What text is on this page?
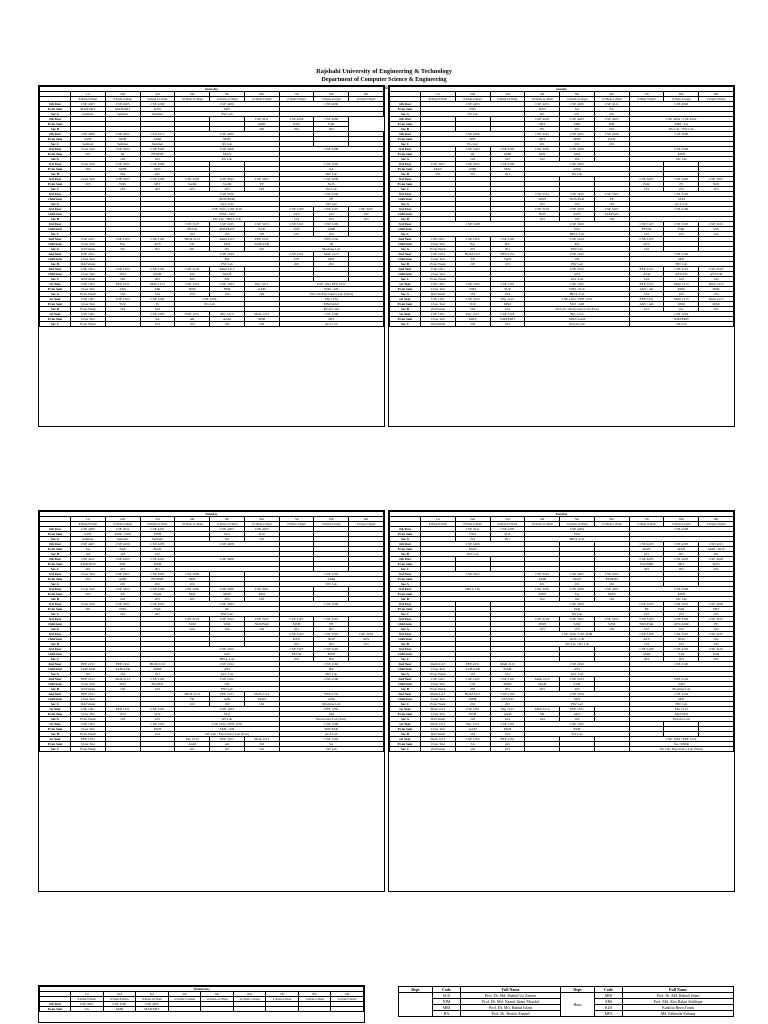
Rajshahi University of Engineering & Technology
Department of Computer Science & Engineering
Saturday									
	1st	2nd	3rd	4th	5th	6th	7th	8th	9th
	8:00am-8:50am	8:50am-9:40am	9:40am-10:30am	10:50am-11:40am	11:40am-12:30pm	12:30pm-1:20pm	2:30pm-3:20pm	3:20pm-4:10pm	4:10pm-5:00pm
4th Year	CSE 4205	CSE 4205	CSE 4209	CSE 4206			CSE 4000		
Even Sem	MAN/MIT	MAN/MIT	KZN	MIT					
Sec A	Seminar	Seminar	Seminar	NW Lab					
4th Year						CSE 4211	CSE 4209	CSE 4209	
Even Sem						AMR	FAR	FAR	
Sec B						202	202	202	
4th Year	CSE 4209	CSE 4201	CSE 4211	CSE 4202					
Even Sem	KZN	MSH	AMR	MSH					
Sec C	Seminar	Seminar	Seminar	OS Lab					
3rd Year	Class Test	CSE 3203	CSE 3205	CSE 3208			CSE 3208		
Even Sem	201	IR	FP/MSH	MAN					
Sec A		102	102	PG Lab					
3rd Year	Class Test	CSE 3205	CSE 3209				CSE 3204		
Even Sem	202	MSH	MZI				SA		
Sec B		202	202				HW Lab		
3rd Year	Class Test	CSE 3207	CSE 3209	CSE 3203	CSE 3203	CSE 3205	CSE 3206		
Even Sem	203	NOS	MIT	SA/IR	SA/IR	FP	NOS		
Sec C		203	203	203	203	203	PG Lab		
3rd Year				CSE 3106			CSE 3100		
Odd Sem				(NOS/FAR)			FP		
Sec A				ACL Lab			SW Lab		
3rd Year				CSE 3102 / CSE 3102			CSE 3109	CSE 3107	CSE 3107
Odd Sem				SZM / SaN			AYS	UD	UD
Sec B				SW Lab / HPCL Lab			103	103	103
3rd Year				CSE 3107	CSE 3105	CSE 3103	CSE 3101	CSE 3109	
Odd Sem				FP/UD	MSH/KZN	FAR	SaN	AMR	
Sec C				102	102	102	102	102	
2nd Year	CSE 2101	CSE 2103	CSE 2103	HUM 2113	Math 2113	EEE 2151	EEE 2152		
Odd Sem	Class Test	BA	AYS	TK	MZI	SAH/AZR	IR		
Sec A	Odd Week	201	201	201	201	201	Machine Lab		
2nd Year	CSE 2101			CSE 2104			CSE 2101	Math 2113	
Odd Sem	Class Test			BA			UD	MZI	
Sec B	Odd Week			HW Lab			202	202	
2nd Year	CSE 2101	CSE 2103	CSE 2103	CSE 2103	Math 2113				
Odd Sem	Class Test	MZI	MAH	UD	MAH				
Sec C	Odd Week	202	202	202	202				
1st Year	CSE 1201	EEE 1251	Math 1213	CSE 1201	CSE 1203	Phy 1213	CSE 1202 EEE 1252		
Even Sem	Class Test	AKS	MR	NIM	NIM	AAM	NIM / AM		
Sec A	Even Week	104	104	104	104	104	SW Lab/Electronics Lab (West)		
1st Year	CSE 1201	CSE 1203	CSE 1202	CSE 1204			Phy 1214		
Even Sem	Class Test	SUZ	IS	PG Lab			MNZ/AKZ		
Sec B	Even Week	104	104				Physics lab		
1st Year	CSE 1201		CSE 1203	EEE 1251	Phy 1213	Math 1213	CSE 1208		
Even Sem	Class Test		SA	AK	AAM	MSR	MIT		
Sec C	Even Week		103	103	103	103	ACL Lab		
Sunday									
	1st	2nd	3rd	4th	5th	6th	7th	8th	9th
	8:00am-8:50am	8:50am-9:40am	9:40am-10:30am	10:50am-11:40am	11:40am-12:30pm	12:30pm-1:20pm	2:30pm-3:20pm	3:20pm-4:10pm	4:10pm-5:00pm
4th Year	CSE 4203			CSE 4201	CSE 4205	CSE 4211	CSE 4000		
Even Sem	NOS			KZN	SA	SA			
Sec A	OS Lab			201	201	201			
4th Year				CSE 4203	CSE 4203	CSE 4205	CSE 4204 / CSE 4202		
Even Sem				MIT	MRI	MIT	MRI / SA		
Sec B				201	201	201	PG Lab / NW Lab		
4th Year	CSE 4206			CSE 4201	CSE 4201	CSE 4209	CSE 4000		
Even Sem	MIT			MIT	MSH	KZN			
Sec C	PG Lab			201	201	201			
3rd Year		CSE 3203	CSE 3203	CSE 3205	CSE 3209		CSE 3206		
Even Sem		IR	AMR	MZI	MZI		MSH		
Sec A		102	102	102	102		SW Lab		
3rd Year	CSE 3207	CSE 3203	CSE 3209	CSE 3202					
Even Sem	MAN	AMR	MZI	AMR					
Sec B	201	201	201	PG Lab					
3rd Year							CSE 3203	CSE 3205	CSE 3207
Even Sem							FAR	FP	NOS
Sec C							103	103	103
3rd Year				CSE 3101	CSE 3105	CSE 3107	CSE 3102		
Odd Sem				MSH	NOS/FAR	FP	SZM		
Sec A				103	103	103	ACL Lab		
3rd Year				CSE 3103	CSE 3103	CSE 3107	CSE 3100		
Odd Sem				NOS	KZN	SZM/SaN			
Sec B				103	103	103			
3rd Year	CSE 3108			CSE 3102			CSE 3107	CSE 3105	CSE 3101
Odd Sem				SaN			FP/UD	FAR	SaN
Sec C				HPCL Lab			102	102	102
2nd Year	CSE 2101	CSE 2103	CSE 2103	CSE 2104			CSE 2105		
Odd Sem	Class Test	BA	BA	BA			AYS		
Sec A	Even Week	201	201	HW Lab			102		
2nd Year	CSE 2103	HUM 2113	EEE 2151	CSE 2102			CSE 2100		
Odd Sem	Class Test	TK	SAH	UD			MZI		
Sec B	Even Week	103	103	HW Lab			HW Lab		
2nd Year	CSE 2101			CSE 2102			EEE 2151	CSE 2101	CSE 2103
Odd Sem	Class Test			AYS			AZR	AYS/UD	AYS/UD
Sec C	Even Week			ACL Lab			104	104	104
1st Year	CSE 1201	CSE 1203	CSE 1201	CSE 1202			EEE 1251	Math 1213	Math 1213
Even Sem	Class Test	NIM	SUZ	NIM / SUZ			AKS / AK	MSR	MSR
Sec A	Odd Week	104	104	HPCL Lab			104	104	104
1st Year	CSE 1201	CSE 1203	Phy 1213	CSE 1204 / EEE 1252			EEE 1251	Math 1213	Math 1213
Even Sem	Class Test	SUZ	MNZ	SUZ / AM			AKS / AK	MSR	MSR
Sec B	Odd Week	104	104	OS Lab / Electronics Lab (East)			101	101	101
1st Year	CSE 1201	Phy 1213	CSE 1203	Phy 1214			CSE 1202		
Even Sem	Class Test	MNZ	NIM/EKH	MNZ/AAM			NIM/EKH		
Sec C	Odd Week	103	103	Physics lab			OS Lab		
Monday									
	1st	2nd	3rd	4th	5th	6th	7th	8th	9th
	8:00am-8:50am	8:50am-9:40am	9:40am-10:30am	10:50am-11:40am	11:40am-12:30pm	12:30pm-1:20pm	2:30pm-3:20pm	3:20pm-4:10pm	4:10pm-5:00pm
4th Year	CSE 4209	CSE 4211	CSE 4201		CSE 4203	CSE 4203			
Even Sem	KZN	AMR / NOS	MSH		SUZ	SUZ			
Sec A	Seminar	Seminar	Seminar		101	101			
4th Year	CSE 4201	CSE 4209	CSE 4205	CSE 4208					
Even Sem	SA	FAR	MAN						
Sec B	102	102	102						
4th Year	CSE 4211	CSE 4205	CSE 4201	CSE 4208					
Even Sem	AMR/NOS	MIT	MSH						
Sec C	201	201	201						
3rd Year	Class Test	CSE 3207	CSE 3205	CSE 3209			CSE 3202		
Even Sem	202	AMR	FP/MSH	MZI			AMR		
Sec A		202	202	202			NW Lab		
3rd Year	Class Test	CSE 3203	CSE 3209	CSE 3205	CSE 3209	CSE 3201			
Even Sem	203	SA	MAN	MZI	MSH	MZI			
Sec B		203	203	203	203	203			
3rd Year	Class Test	CSE 3207	CSE 3201	CSE 3204			CSE 3208		
Even Sem	201	NOS	FAR	IR					
Sec C		201	201	HW Lab					
3rd Year				CSE 3101	CSE 3103	CSE 3105	CSE 3107	CSE 3107	
Odd Sem				SZM	SZM	NOS/FAR	MSH	FP	
Sec A				104	104	104	201	201	
3rd Year							CSE 3103	CSE 3105	CSE 3109
Odd Sem							KZN	NOS	AYS
Sec B							203	203	203
3rd Year				CSE 3102			CSE 3107	CSE 3103	
Odd Sem				SaN			FP/UD	MSH	
Sec C				HPCL Lab			203	203	
2nd Year	EEE 2151	EEE 2151	HUM 2113	CSE 2102			CSE 2104		
Odd Sem	SAH/AZR	SAH/AZR	MMP	AYS			BA		
Sec A	101	101	101	ACL Lab			HW Lab		
2nd Year	EEE 2151	Math 2113	CSE 2103	CSE 2102			CSE 2100		
Odd Sem	Class Test	MZI	BA/MZI	UD					
Sec B	Odd Week	104	104	HW Lab					
2nd Year	EEE 2151			HUM 2113	EEE 2151	Math 2113	EEE 2152		
Odd Sem	Class Test			TK	AZR	MAH	AZR		
Sec C	Odd Week			102	102	102	Machine Lab		
1st Year	CSE 1201	EEE 1251	CSE 1201	CSE 1204			EEE 1252		
Even Sem	Class Test	SUZ	SUZ	SUZ			AM		
Sec A	Even Week	103	103	OS Lab			Electronics Lab (East)		
1st Year	CSE 1201		CSE 1201	CSE 1202 / EEE 1252			CSE 1208		
Even Sem	Class Test		EKH	EKH / AM			MIT/FAR		
Sec B	Even Week		104	SW Lab / Electronics Lab (East)			ACL Lab		
1st Year	EEE 1251			Phy 1213	EEE 1251	Math 1213	CSE 1204		
Even Sem	Class Test			AAM	AK	MI	SA		
Sec C	Even Week			101	101	101	SW Lab		
Tuesday									
	1st	2nd	3rd	4th	5th	6th	7th	8th	9th
	8:00am-8:50am	8:50am-9:40am	9:40am-10:30am	10:50am-11:40am	11:40am-12:30pm	12:30pm-1:20pm	2:30pm-3:20pm	3:20pm-4:10pm	4:10pm-5:00pm
4th Year		CSE 4211	CSE 4203	CSE 4204			CSE 4206		
Even Sem		NOS	SUZ	SUZ					
Sec A		201	201	HPCL Lab					
4th Year	CSE 4206						CSE 4203	CSE 4205	CSE 4211
Even Sem	MAN						MAN	MAN	AMR / NOS
Sec B	NW Lab						201	201	201
4th Year							CSE 4203	CSE 4205	CSE 4209
Even Sem							SUZ/MRI	MIT	KZN
Sec C							202	202	202
3rd Year	CSE 3202			CSE 3201	CSE 3207	CSE 3205			
Even Sem				AMR	MAN	FP/MSH			
Sec A				201	201	201			
3rd Year	HPCL Lab			CSE 3205	CSE 3209	CSE 3207	CSE 3206		
Even Sem				MSH	SA	MAN	MSH		
Sec B				102	102	102	SW Lab		
3rd Year				CSE 3204			CSE 3203	CSE 3201	CSE 3209
Even Sem				FAR			FP	FAR	MIT
Sec C				OS Lab			103	103	103
3rd Year				CSE 3103	CSE 3101	CSE 3103	CSE 3105	CSE 3109	CSE 3107
Odd Sem				MSH	SZM	SZM	NOS/FAR	AYS/AMR	FP
Sec A				103	103	103	102	102	102
3rd Year				CSE 3106 / CSE 3108			CSE 3109	CSE 3105	CSE 3107
Odd Sem				NOS / UD			AYS	NOS	UD
Sec B				SW Lab / PG Lab			104	104	104
3rd Year							CSE 3109	CSE 3105	CSE 3103
Odd Sem							AMR	SaN	FAR
Sec C							203	203	203
2nd Year	Math 2113	EEE 2151	Math 2113	CSE 2102			CSE 2100		
Odd Sem	Class Test	SAH/AZR	MAH	AYS					
Sec A	Even Week	101	101	ACL Lab					
2nd Year	CSE 2101	CSE 2103	CSE 2101	Math 2113	CSE 2103		EEE 2152		
Odd Sem	Class Test	UD	MMP	MAH	SAH		SAH		
Sec B	Even Week	203	203	203	203		Machine Lab		
2nd Year	Math 2113	HUM 2113	CSE 2103	CSE 2104			CSE 2104		
Odd Sem	Class Test	MMP	AYS/UD	MZI			MZI		
Sec C	Even Week	202	202	HW Lab			HW Lab		
1st Year	Math 1213	CSE 1201	Phy 1213	Math 1213	EEE 1251		Phy 1214		
Even Sem	Class Test	EKH	AAM	MI	AKS		AKZ/MSI		
Sec A	Odd Week	104	104	104	104		Physics Lab		
1st Year	Math 1213	Phy 1213	CSE 1201	CSE 1202					
Even Sem	Class Test	AAM	EKH	EKH					
Sec B	Odd Week	103	103	SW Lab					
1st Year	Math 1213	CSE 1203	EEE 1251				CSE 1204 / EEE 1252		
Even Sem	Class Test	SA	AK				SA / MMR		
Sec C	Odd Week	103	103				OS Lab/ Electronics Lab (West)		
Wednesday									
	1st	2nd	3rd	4th	5th	6th	7th	8th	9th
	8:00am-8:50am	8:50am-9:40am	9:40am-10:30am	10:50am-11:40am	11:40am-12:30pm	12:30pm-1:20pm	2:30pm-3:20pm	3:20pm-4:10pm	4:10pm-5:00pm
4th Year	CSE 4201	CSE 4205	CSE 4205						
Even Sem	SA	AMR	MAN/MIT						
Dept	Code	Full Name	Dept	Code	Full Name
	SUZ	Prof. Dr. Md. Shahid Uz Zaman	Hum	MRI	Prof. Dr. Md. Rabiul Islam
	NIM	Prof. Dr. Md. Nazrul Islam Mondal		ARS	Prof. Md. Abu Bakar Siddique
	MRI	Prof. Dr. Md. Rabiul Islam		KZS	Kashfia Reza Tonni
	BA	Prof. Dr. Boshir Ahmed		MFS	Md. Fahimda Sultana
